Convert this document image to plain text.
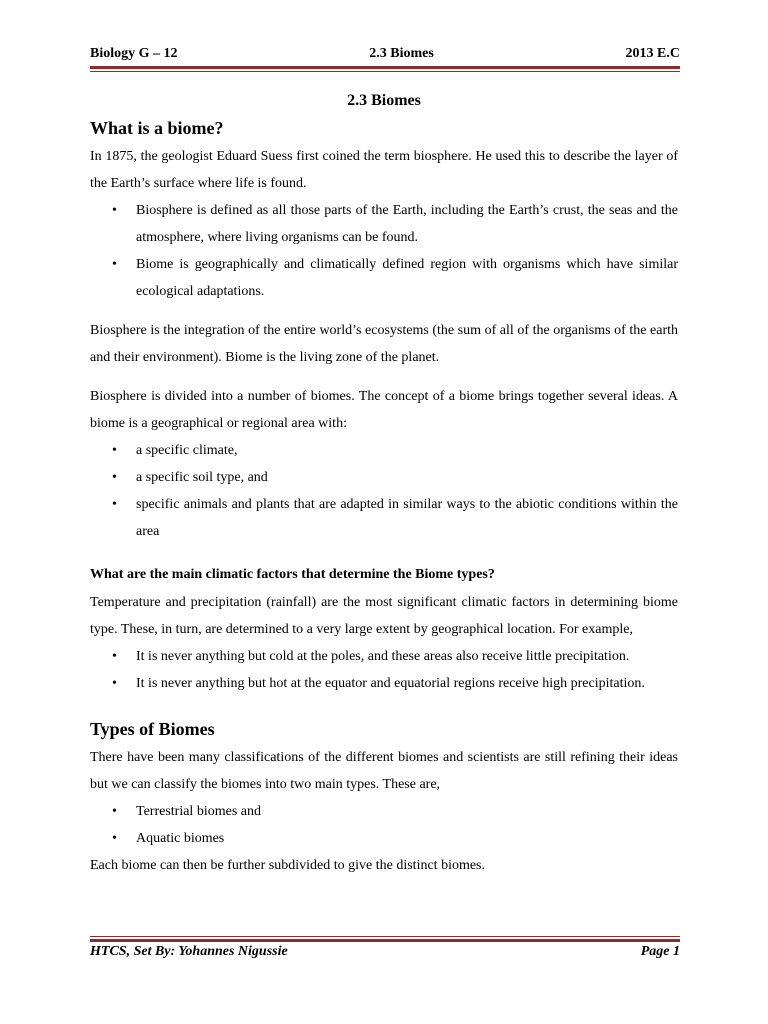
Biology G – 12	2.3 Biomes	2013 E.C
2.3 Biomes
What is a biome?

In 1875, the geologist Eduard Suess first coined the term biosphere. He used this to describe the layer of the Earth’s surface where life is found.

• Biosphere is defined as all those parts of the Earth, including the Earth’s crust, the seas and the atmosphere, where living organisms can be found.
• Biome is geographically and climatically defined region with organisms which have similar ecological adaptations.

Biosphere is the integration of the entire world’s ecosystems (the sum of all of the organisms of the earth and their environment). Biome is the living zone of the planet.

Biosphere is divided into a number of biomes. The concept of a biome brings together several ideas. A biome is a geographical or regional area with:

• a specific climate,
• a specific soil type, and
• specific animals and plants that are adapted in similar ways to the abiotic conditions within the area
What are the main climatic factors that determine the Biome types?

Temperature and precipitation (rainfall) are the most significant climatic factors in determining biome type. These, in turn, are determined to a very large extent by geographical location. For example,

• It is never anything but cold at the poles, and these areas also receive little precipitation.
• It is never anything but hot at the equator and equatorial regions receive high precipitation.
Types of Biomes

There have been many classifications of the different biomes and scientists are still refining their ideas but we can classify the biomes into two main types. These are,

• Terrestrial biomes and
• Aquatic biomes

Each biome can then be further subdivided to give the distinct biomes.

HTCS, Set By: Yohannes Nigussie	Page 1
